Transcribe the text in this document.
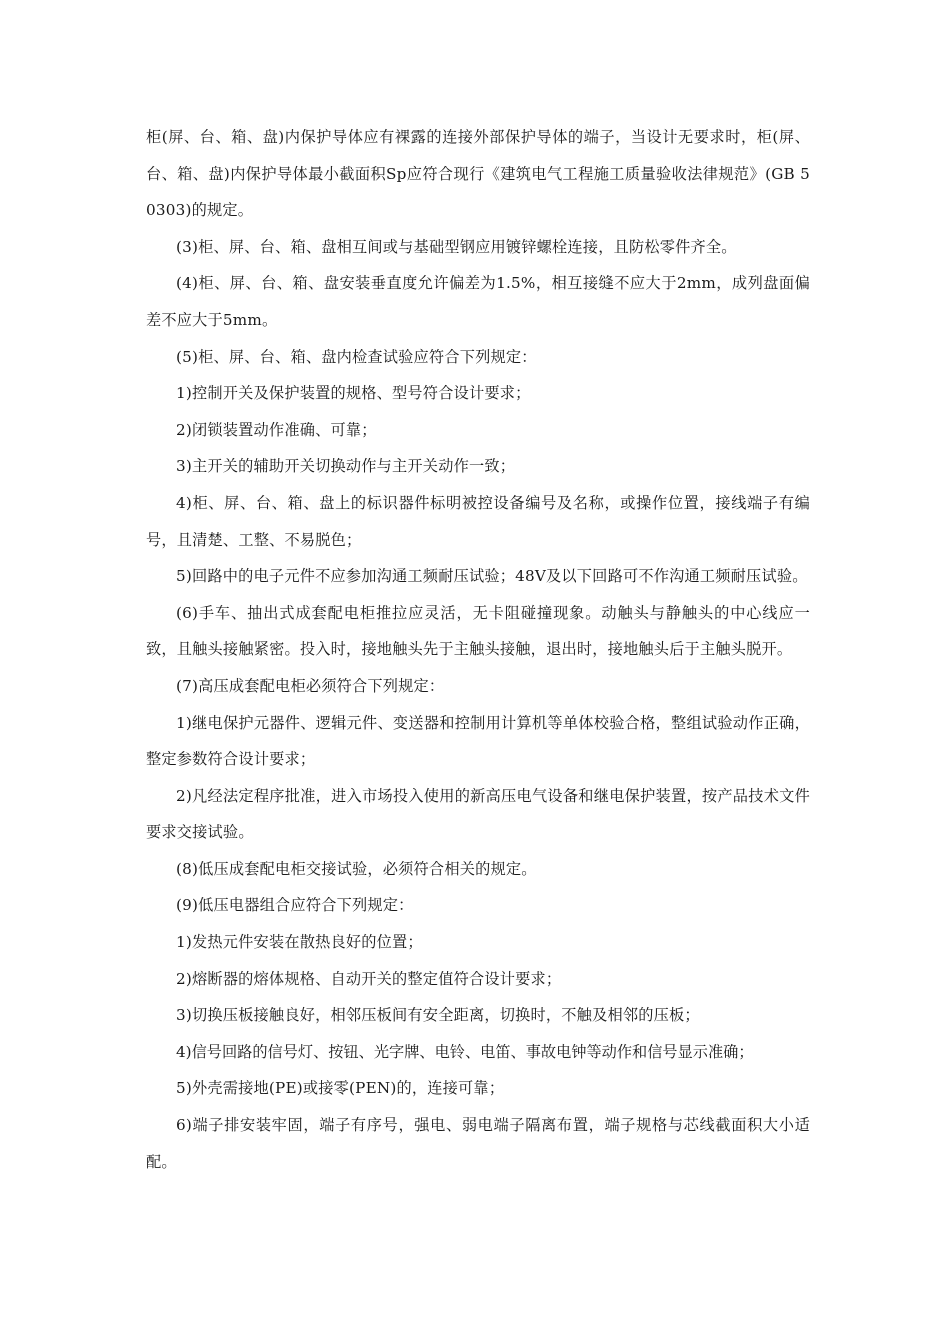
柜(屏、台、箱、盘)内保护导体应有裸露的连接外部保护导体的端子，当设计无要求时，柜(屏、台、箱、盘)内保护导体最小截面积Sp应符合现行《建筑电气工程施工质量验收法律规范》(GB 50303)的规定。

(3)柜、屏、台、箱、盘相互间或与基础型钢应用镀锌螺栓连接，且防松零件齐全。

(4)柜、屏、台、箱、盘安装垂直度允许偏差为1.5%，相互接缝不应大于2mm，成列盘面偏差不应大于5mm。

(5)柜、屏、台、箱、盘内检查试验应符合下列规定：

1)控制开关及保护装置的规格、型号符合设计要求；

2)闭锁装置动作准确、可靠；

3)主开关的辅助开关切换动作与主开关动作一致；

4)柜、屏、台、箱、盘上的标识器件标明被控设备编号及名称，或操作位置，接线端子有编号，且清楚、工整、不易脱色；

5)回路中的电子元件不应参加沟通工频耐压试验；48V及以下回路可不作沟通工频耐压试验。

(6)手车、抽出式成套配电柜推拉应灵活，无卡阻碰撞现象。动触头与静触头的中心线应一致，且触头接触紧密。投入时，接地触头先于主触头接触，退出时，接地触头后于主触头脱开。

(7)高压成套配电柜必须符合下列规定：

1)继电保护元器件、逻辑元件、变送器和控制用计算机等单体校验合格，整组试验动作正确，整定参数符合设计要求；

2)凡经法定程序批准，进入市场投入使用的新高压电气设备和继电保护装置，按产品技术文件要求交接试验。

(8)低压成套配电柜交接试验，必须符合相关的规定。

(9)低压电器组合应符合下列规定：

1)发热元件安装在散热良好的位置；

2)熔断器的熔体规格、自动开关的整定值符合设计要求；

3)切换压板接触良好，相邻压板间有安全距离，切换时，不触及相邻的压板；

4)信号回路的信号灯、按钮、光字牌、电铃、电笛、事故电钟等动作和信号显示准确；

5)外壳需接地(PE)或接零(PEN)的，连接可靠；

6)端子排安装牢固，端子有序号，强电、弱电端子隔离布置，端子规格与芯线截面积大小适配。
